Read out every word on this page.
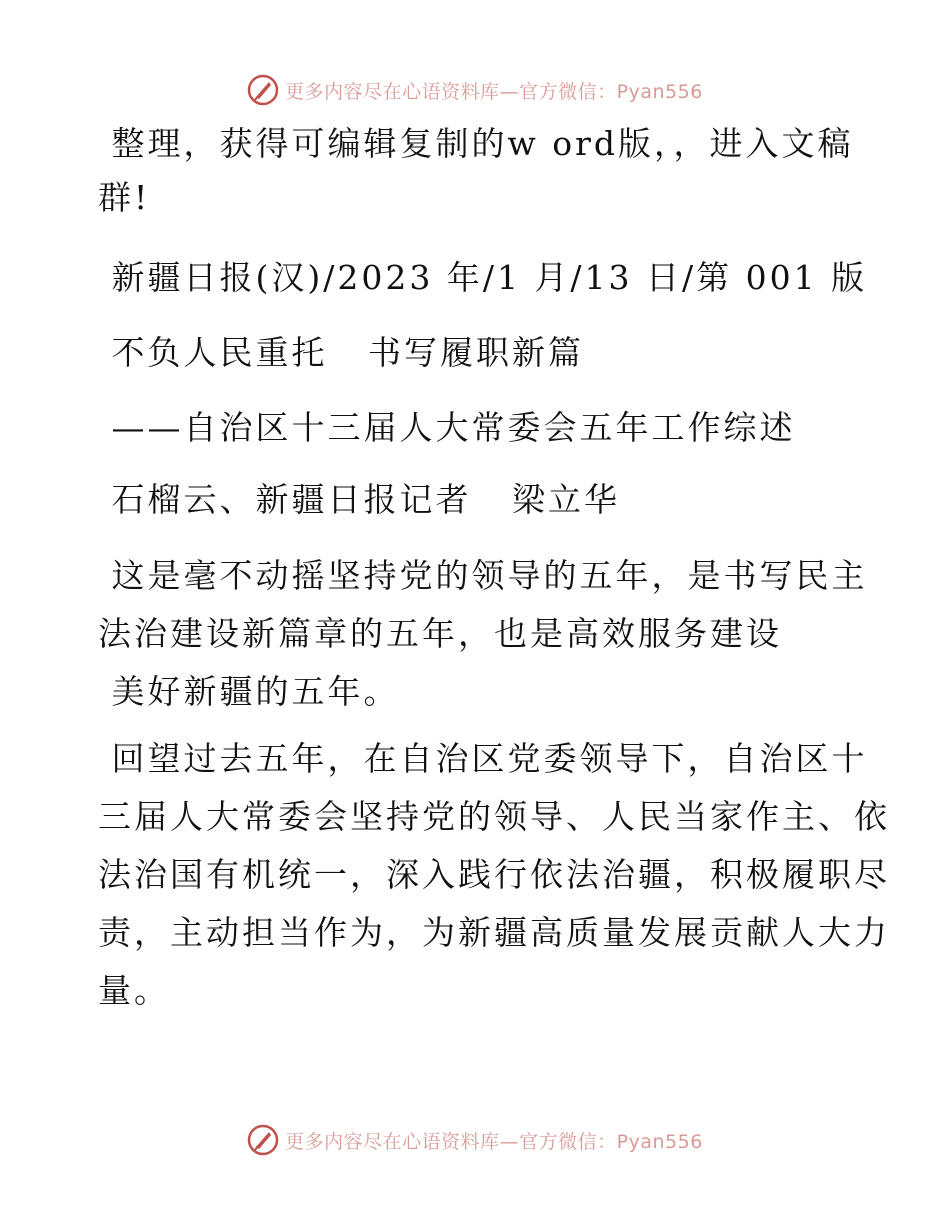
更多内容尽在心语资料库—官方微信：Pyan556

整理，获得可编辑复制的w ord版，，进入文稿

群!

新疆日报(汉)/2023 年/1 月/13 日/第 001 版

不负人民重托   书写履职新篇

——自治区十三届人大常委会五年工作综述

石榴云、新疆日报记者   梁立华

这是毫不动摇坚持党的领导的五年，是书写民主
法治建设新篇章的五年，也是高效服务建设
美好新疆的五年。
回望过去五年，在自治区党委领导下，自治区十
三届人大常委会坚持党的领导、人民当家作主、依
法治国有机统一，深入践行依法治疆，积极履职尽
责，主动担当作为，为新疆高质量发展贡献人大力
量。
更多内容尽在心语资料库—官方微信：Pyan556
